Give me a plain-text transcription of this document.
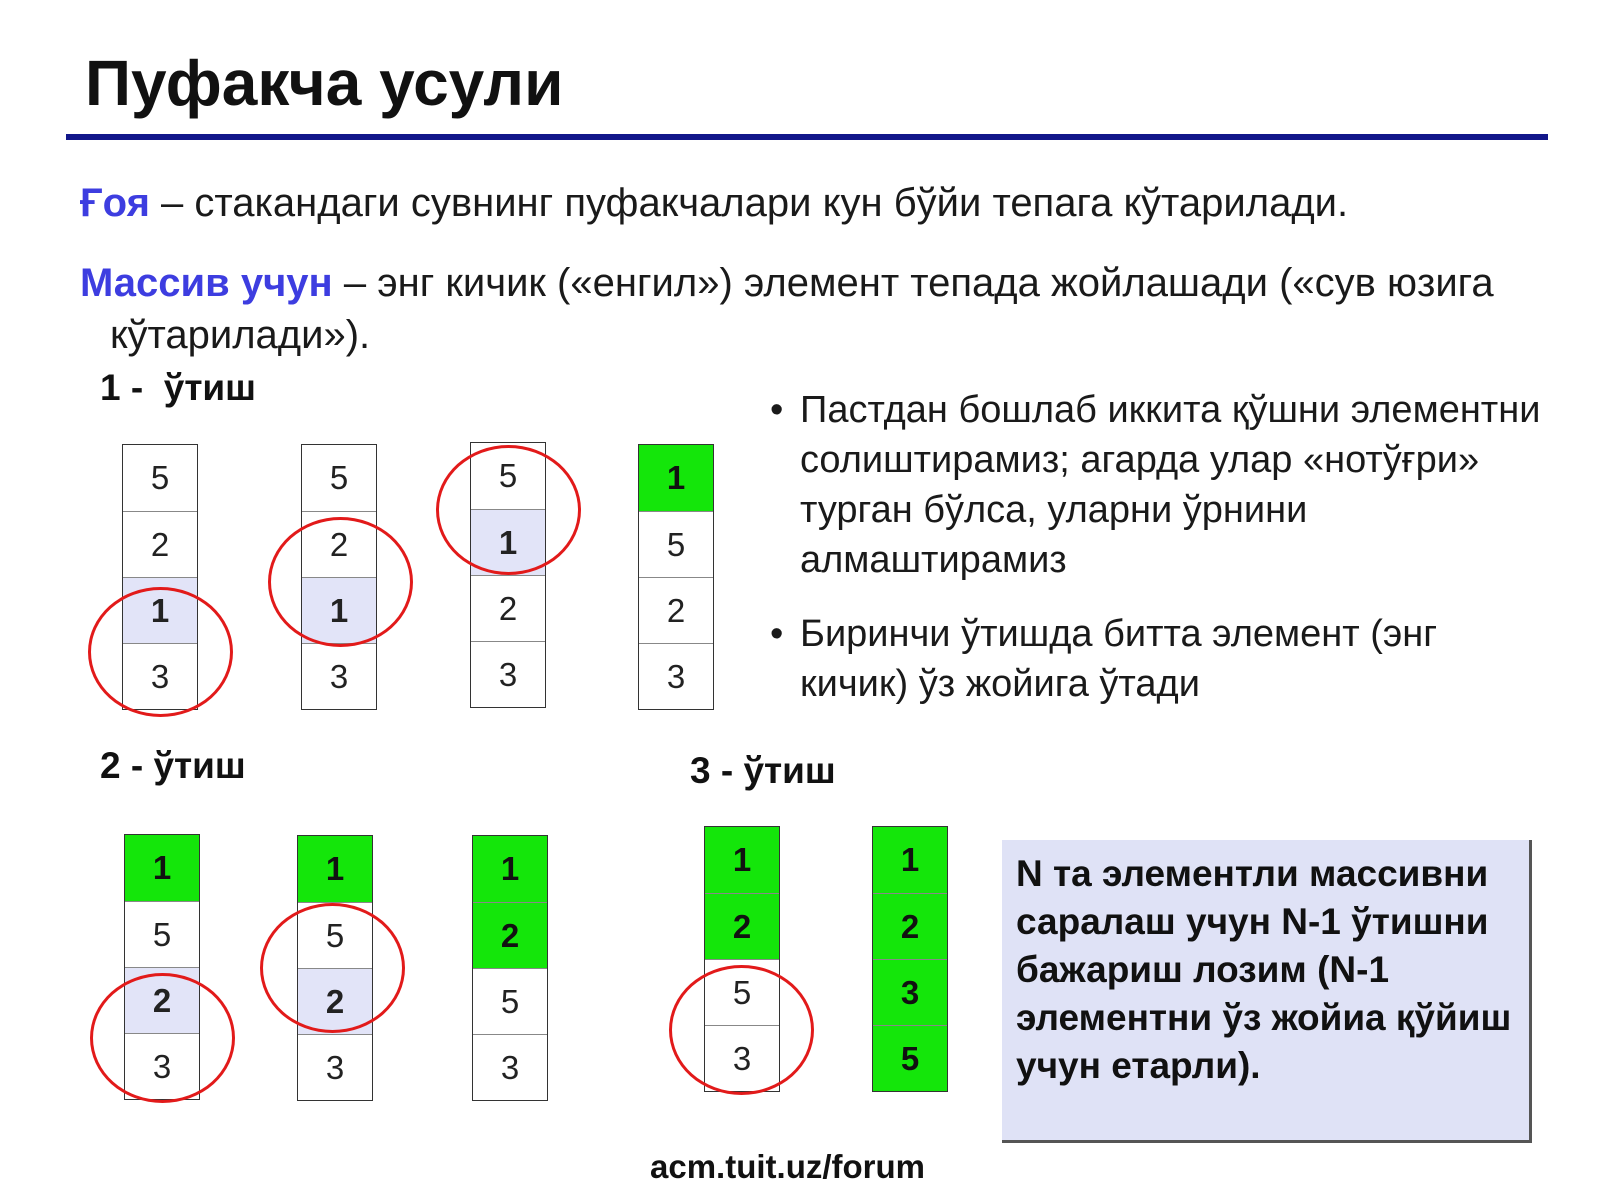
Пуфакча усули
Ғоя – стакандаги сувнинг пуфакчалари кун бўйи тепага кўтарилади.
Массив учун – энг кичик («енгил») элемент тепада жойлашади («сув юзига кўтарилади»).
1 -  ўтиш
2 - ўтиш	3 - ўтиш
5
2
1
3
5
2
1
3
5
1
2
3
1
5
2
3
1
5
2
3
1
5
2
3
1
2
5
3
1
2
5
3
1
2
3
5
• Пастдан бошлаб иккита қўшни элементни солиштирамиз; агарда улар «нотўғри» турган бўлса, уларни ўрнини алмаштирамиз
• Биринчи ўтишда битта элемент (энг кичик) ўз жойига ўтади
N та элементли массивни саралаш учун N-1 ўтишни бажариш лозим (N-1 элементни ўз жойиа қўйиш учун етарли).
acm.tuit.uz/forum
